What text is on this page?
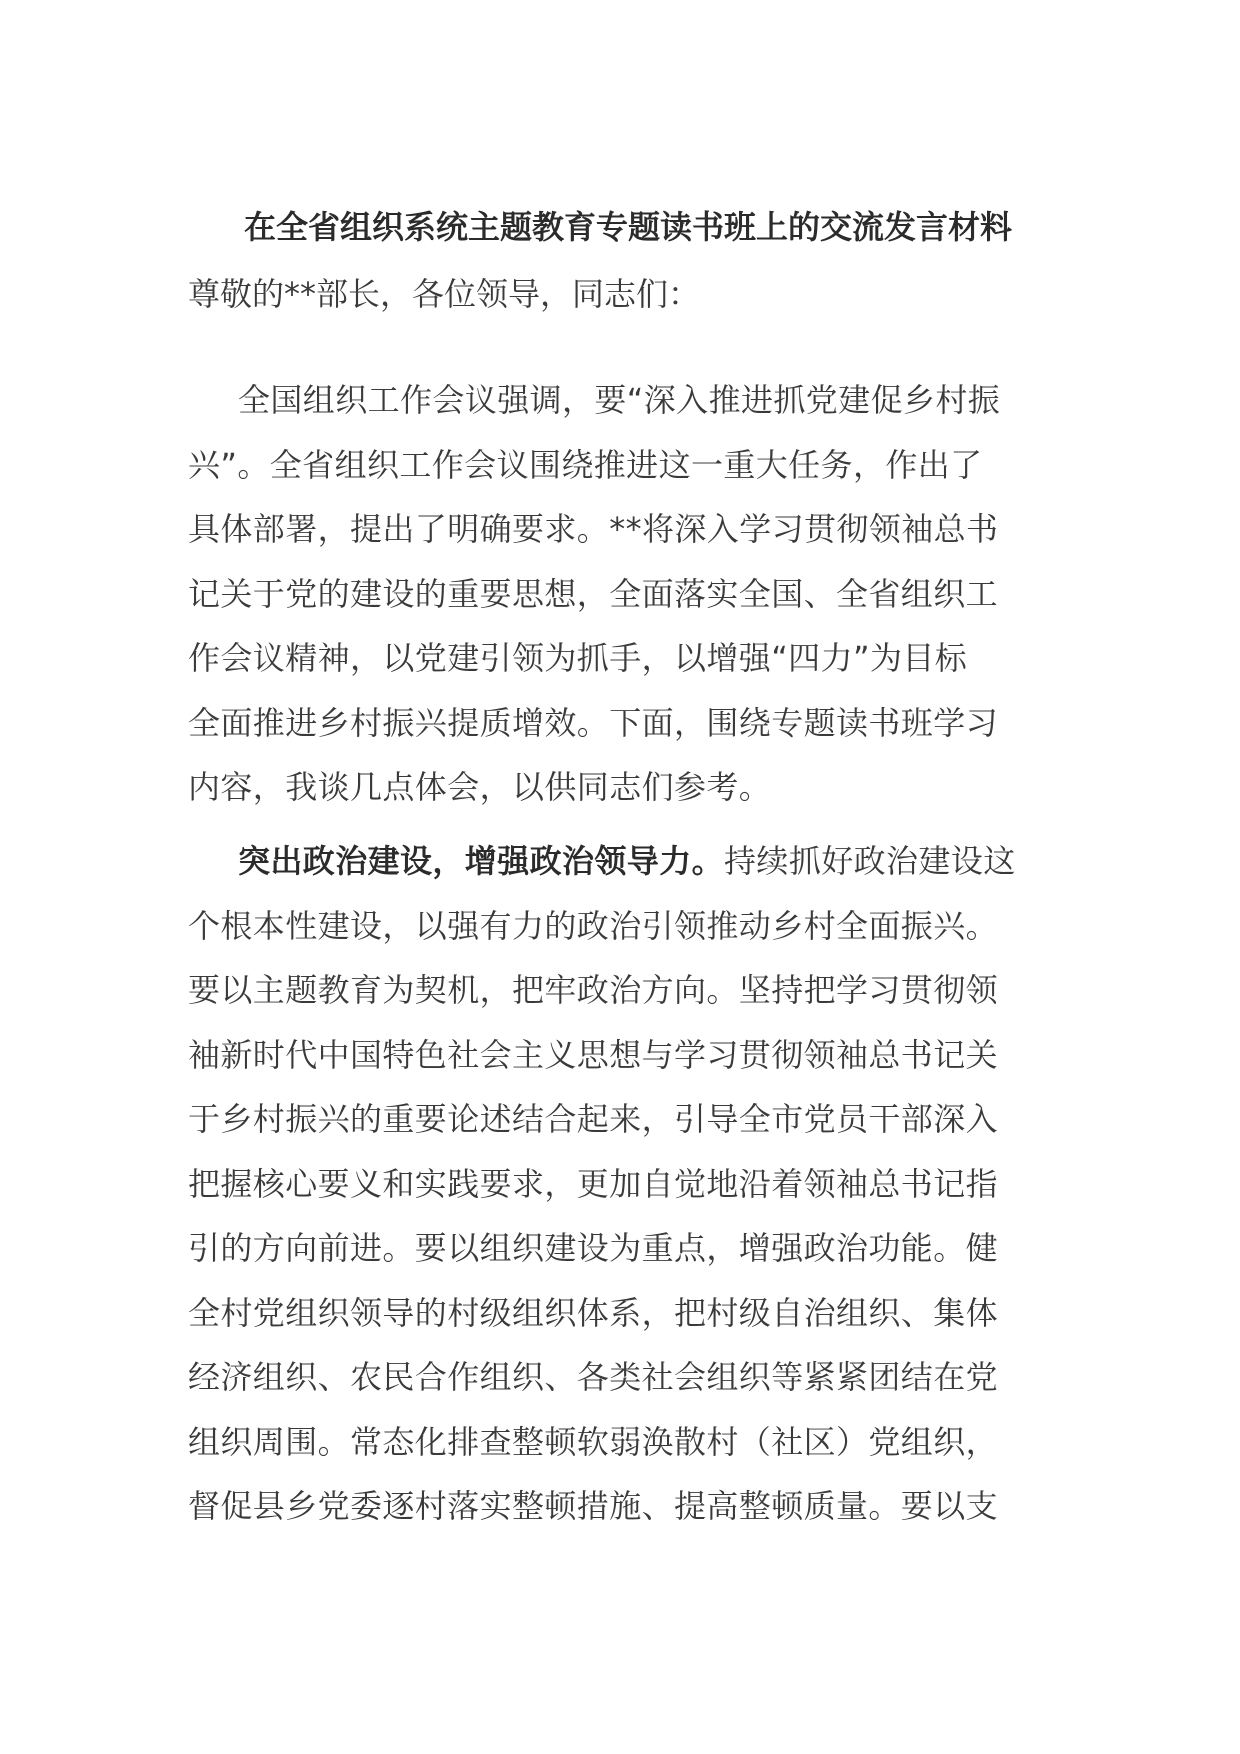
在全省组织系统主题教育专题读书班上的交流发言材料

尊敬的**部长，各位领导，同志们：

全国组织工作会议强调，要“深入推进抓党建促乡村振
兴”。全省组织工作会议围绕推进这一重大任务，作出了
具体部署，提出了明确要求。**将深入学习贯彻领袖总书
记关于党的建设的重要思想，全面落实全国、全省组织工
作会议精神，以党建引领为抓手，以增强“四力”为目标
全面推进乡村振兴提质增效。下面，围绕专题读书班学习
内容，我谈几点体会，以供同志们参考。

突出政治建设，增强政治领导力。持续抓好政治建设这
个根本性建设，以强有力的政治引领推动乡村全面振兴。
要以主题教育为契机，把牢政治方向。坚持把学习贯彻领
袖新时代中国特色社会主义思想与学习贯彻领袖总书记关
于乡村振兴的重要论述结合起来，引导全市党员干部深入
把握核心要义和实践要求，更加自觉地沿着领袖总书记指
引的方向前进。要以组织建设为重点，增强政治功能。健
全村党组织领导的村级组织体系，把村级自治组织、集体
经济组织、农民合作组织、各类社会组织等紧紧团结在党
组织周围。常态化排查整顿软弱涣散村（社区）党组织，
督促县乡党委逐村落实整顿措施、提高整顿质量。要以支
